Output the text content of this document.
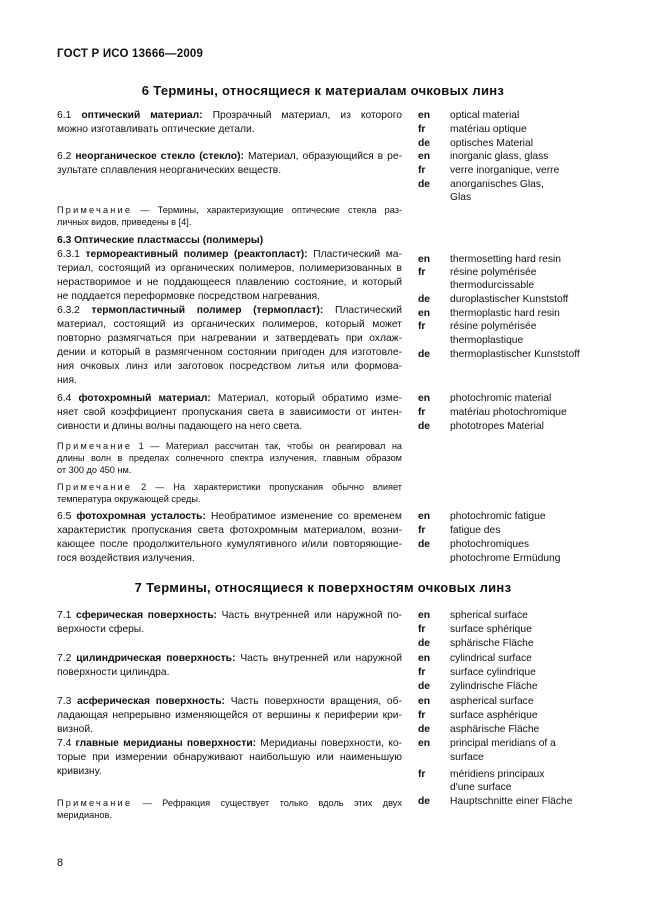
ГОСТ Р ИСО 13666—2009
6 Термины, относящиеся к материалам очковых линз
6.1 оптический материал: Прозрачный материал, из которого
можно изготавливать оптические детали.
en
fr
de
optical material
matériau optique
optisches Material
6.2 неорганическое стекло (стекло): Материал, образующийся в ре-
зультате сплавления неорганических веществ.
en
fr
de
inorganic glass, glass
verre inorganique, verre
anorganisches Glas,
Glas
Примечание — Термины, характеризующие оптические стекла раз-
личных видов, приведены в [4].
6.3 Оптические пластмассы (полимеры)
6.3.1 термореактивный полимер (реактопласт): Пластический ма-
териал, состоящий из органических полимеров, полимеризованных в
нерастворимое и не поддающееся плавлению состояние, и который
не поддается переформовке посредством нагревания.
en
fr
de
thermosetting hard resin
résine polymérisée
thermodurcissable
duroplastischer Kunststoff
6.3.2 термопластичный полимер (термопласт): Пластический
материал, состоящий из органических полимеров, который может
повторно размягчаться при нагревании и затвердевать при охлаж-
дении и который в размягченном состоянии пригоден для изготовле-
ния очковых линз или заготовок посредством литья или формова-
ния.
en
fr
de
thermoplastic hard resin
résine polymérisée
thermoplastique
thermoplastischer Kunststoff
6.4 фотохромный материал: Материал, который обратимо изме-
няет свой коэффициент пропускания света в зависимости от интен-
сивности и длины волны падающего на него света.
en
fr
de
photochromic material
matériau photochromique
phototropes Material
Примечание 1 — Материал рассчитан так, чтобы он реагировал на
длины волн в пределах солнечного спектра излучения, главным образом
от 300 до 450 нм.
Примечание 2 — На характеристики пропускания обычно влияет
температура окружающей среды.
6.5 фотохромная усталость: Необратимое изменение со временем
характеристик пропускания света фотохромным материалом, возни-
кающее после продолжительного кумулятивного и/или повторяющие-
гося воздействия излучения.
en
fr
de
photochromic fatigue
fatigue des
photochromiques
photochrome Ermüdung
7 Термины, относящиеся к поверхностям очковых линз
7.1 сферическая поверхность: Часть внутренней или наружной по-
верхности сферы.
en
fr
de
spherical surface
surface sphérique
sphärische Fläche
7.2 цилиндрическая поверхность: Часть внутренней или наружной
поверхности цилиндра.
en
fr
de
cylindrical surface
surface cylindrique
zylindrische Fläche
7.3 асферическая поверхность: Часть поверхности вращения, об-
ладающая непрерывно изменяющейся от вершины к периферии кри-
визной.
en
fr
de
aspherical surface
surface asphérique
asphärische Fläche
7.4 главные меридианы поверхности: Меридианы поверхности, ко-
торые при измерении обнаруживают наибольшую или наименьшую
кривизну.
en
fr
de
principal meridians of a
surface
méridiens principaux
d'une surface
Hauptschnitte einer Fläche
Примечание — Рефракция существует только вдоль этих двух
меридианов.
8
